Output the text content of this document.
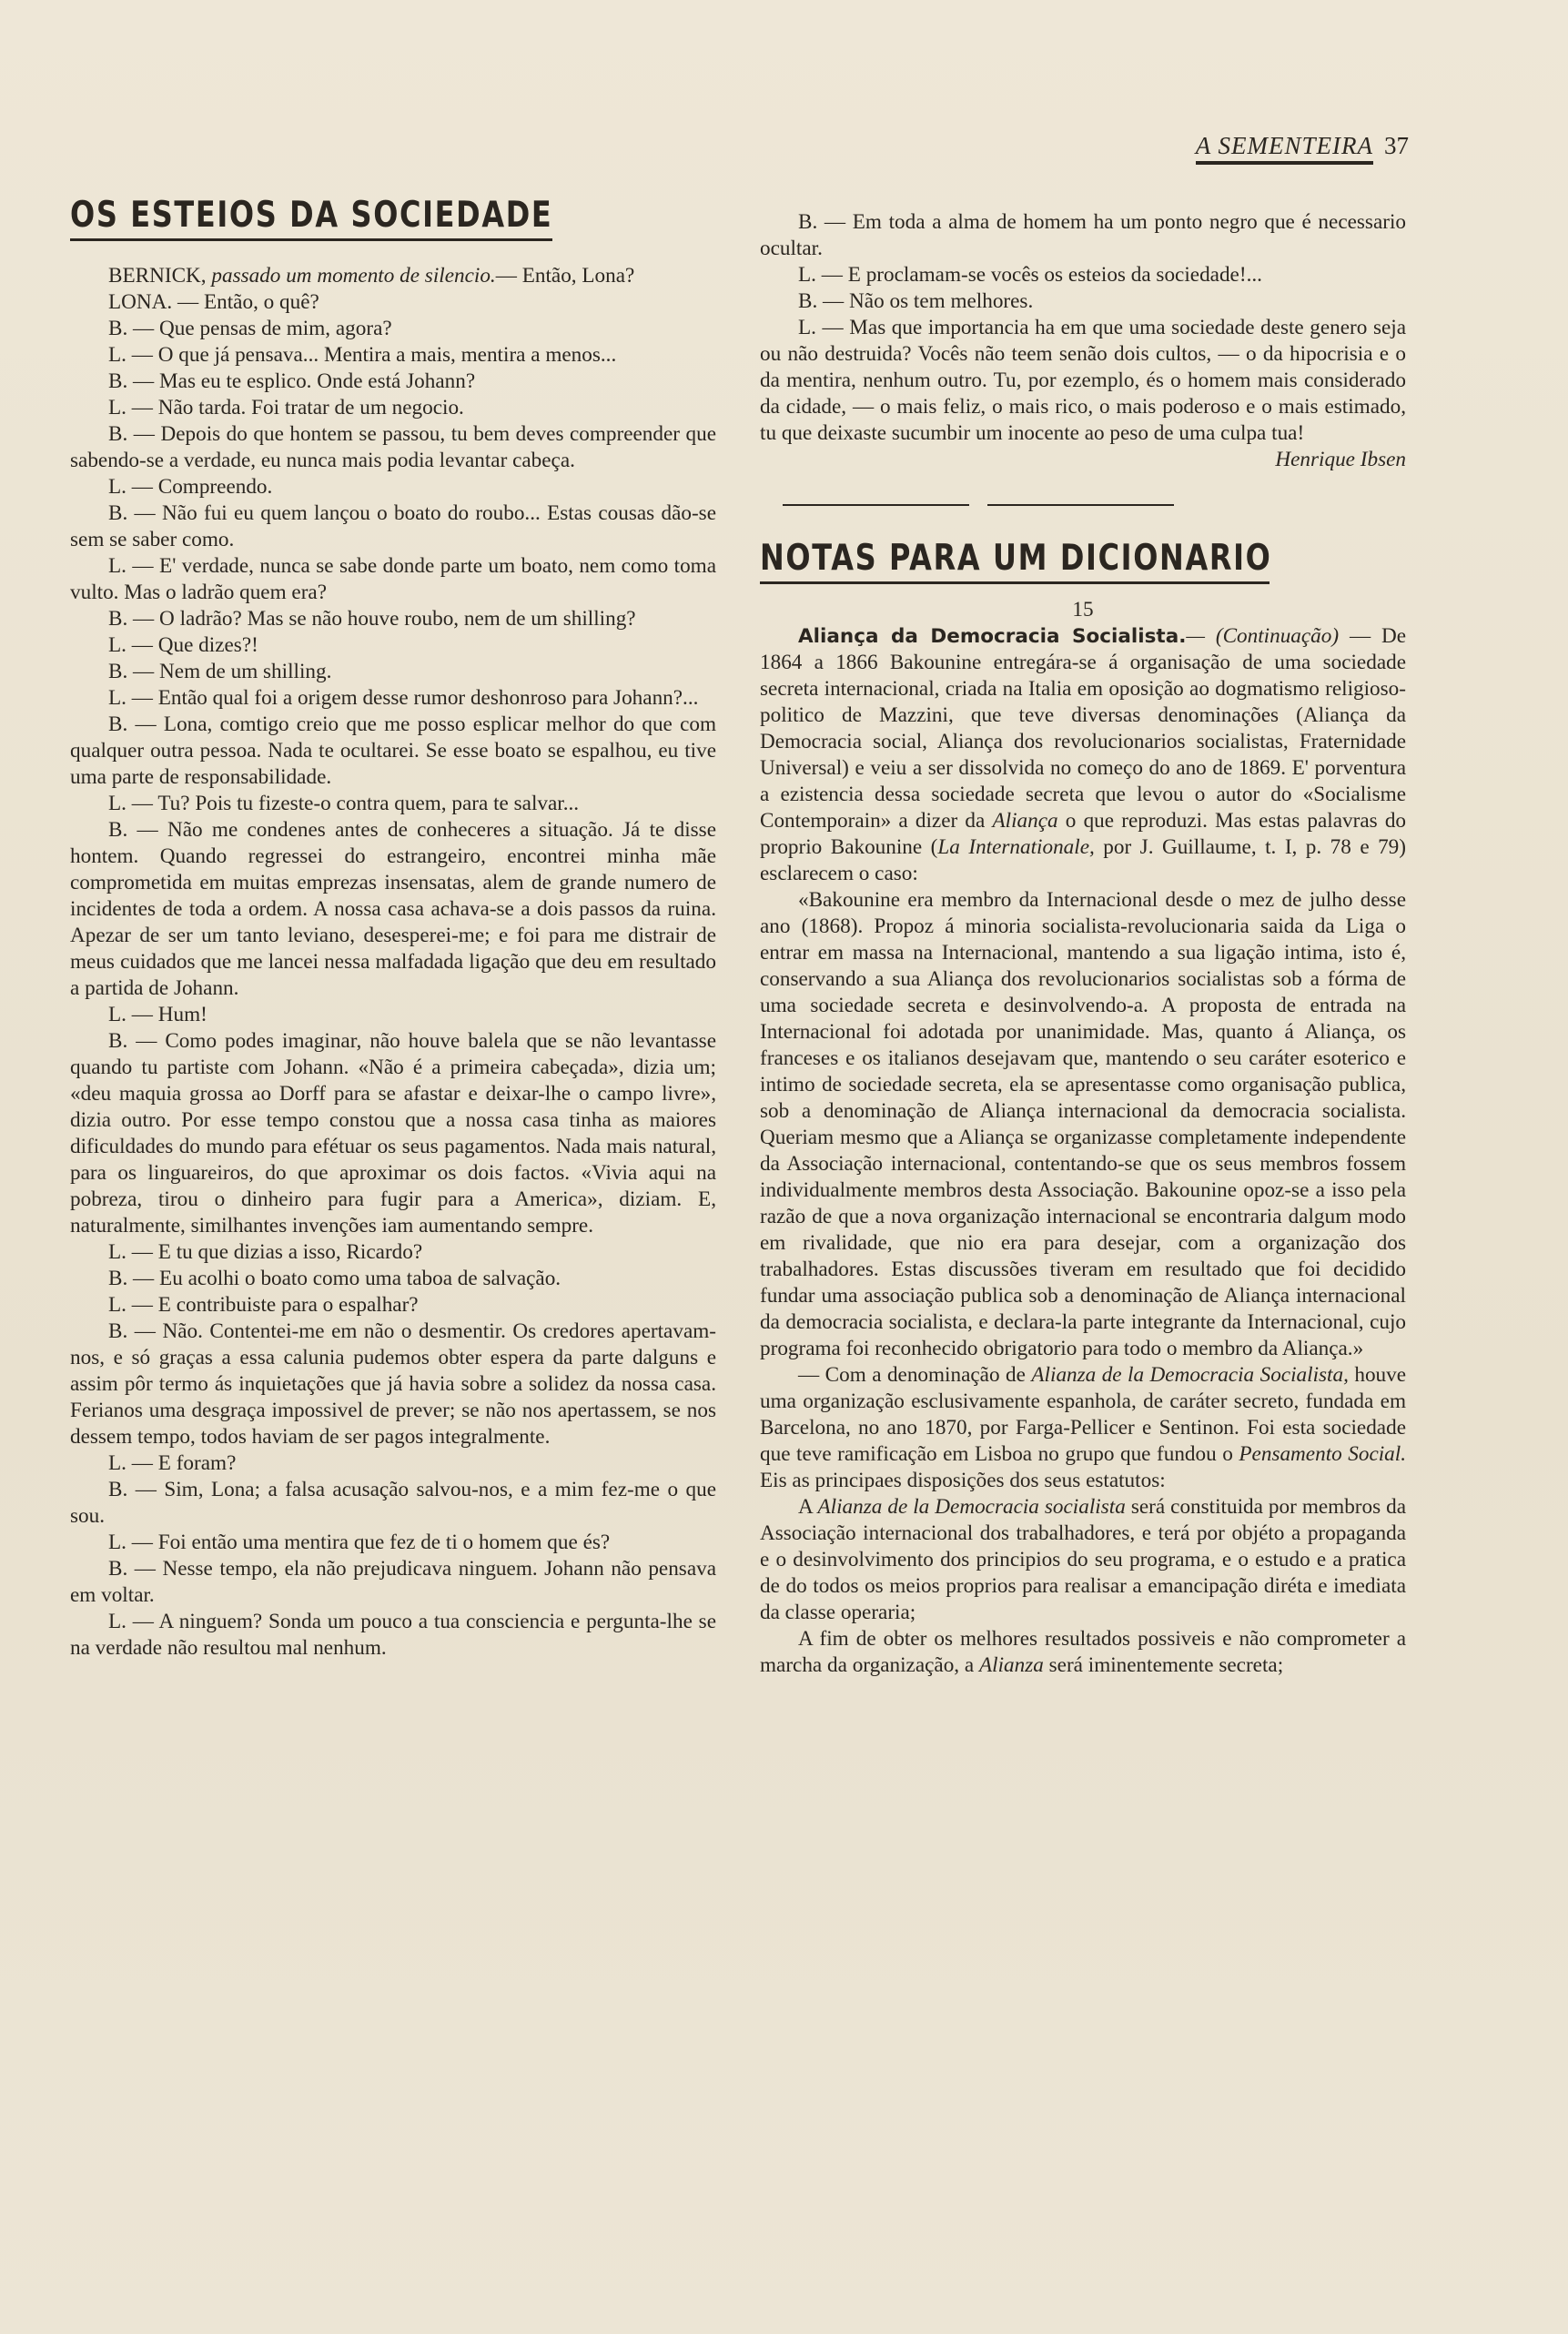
A SEMENTEIRA 37
OS ESTEIOS DA SOCIEDADE

BERNICK, passado um momento de silencio.— Então, Lona?

LONA. — Então, o quê?

B. — Que pensas de mim, agora?

L. — O que já pensava... Mentira a mais, mentira a menos...

B. — Mas eu te esplico. Onde está Johann?

L. — Não tarda. Foi tratar de um negocio.

B. — Depois do que hontem se passou, tu bem deves compreender que sabendo-se a verdade, eu nunca mais podia levantar cabeça.

L. — Compreendo.

B. — Não fui eu quem lançou o boato do roubo... Estas cousas dão-se sem se saber como.

L. — E' verdade, nunca se sabe donde parte um boato, nem como toma vulto. Mas o ladrão quem era?

B. — O ladrão? Mas se não houve roubo, nem de um shilling?

L. — Que dizes?!

B. — Nem de um shilling.

L. — Então qual foi a origem desse rumor deshonroso para Johann?...

B. — Lona, comtigo creio que me posso esplicar melhor do que com qualquer outra pessoa. Nada te ocultarei. Se esse boato se espalhou, eu tive uma parte de responsabilidade.

L. — Tu? Pois tu fizeste-o contra quem, para te salvar...

B. — Não me condenes antes de conheceres a situação. Já te disse hontem. Quando regressei do estrangeiro, encontrei minha mãe comprometida em muitas emprezas insensatas, alem de grande numero de incidentes de toda a ordem. A nossa casa achava-se a dois passos da ruina. Apezar de ser um tanto leviano, desesperei-me; e foi para me distrair de meus cuidados que me lancei nessa malfadada ligação que deu em resultado a partida de Johann.

L. — Hum!

B. — Como podes imaginar, não houve balela que se não levantasse quando tu partiste com Johann. «Não é a primeira cabeçada», dizia um; «deu maquia grossa ao Dorff para se afastar e deixar-lhe o campo livre», dizia outro. Por esse tempo constou que a nossa casa tinha as maiores dificuldades do mundo para efétuar os seus pagamentos. Nada mais natural, para os linguareiros, do que aproximar os dois factos. «Vivia aqui na pobreza, tirou o dinheiro para fugir para a America», diziam. E, naturalmente, similhantes invenções iam aumentando sempre.

L. — E tu que dizias a isso, Ricardo?

B. — Eu acolhi o boato como uma taboa de salvação.

L. — E contribuiste para o espalhar?

B. — Não. Contentei-me em não o desmentir. Os credores apertavam-nos, e só graças a essa calunia pudemos obter espera da parte dalguns e assim pôr termo ás inquietações que já havia sobre a solidez da nossa casa. Ferianos uma desgraça impossivel de prever; se não nos apertassem, se nos dessem tempo, todos haviam de ser pagos integralmente.

L. — E foram?

B. — Sim, Lona; a falsa acusação salvou-nos, e a mim fez-me o que sou.

L. — Foi então uma mentira que fez de ti o homem que és?

B. — Nesse tempo, ela não prejudicava ninguem. Johann não pensava em voltar.

L. — A ninguem? Sonda um pouco a tua consciencia e pergunta-lhe se na verdade não resultou mal nenhum.

B. — Em toda a alma de homem ha um ponto negro que é necessario ocultar.

L. — E proclamam-se vocês os esteios da sociedade!...

B. — Não os tem melhores.

L. — Mas que importancia ha em que uma sociedade deste genero seja ou não destruida? Vocês não teem senão dois cultos, — o da hipocrisia e o da mentira, nenhum outro. Tu, por ezemplo, és o homem mais considerado da cidade, — o mais feliz, o mais rico, o mais poderoso e o mais estimado, tu que deixaste sucumbir um inocente ao peso de uma culpa tua!

Henrique Ibsen

NOTAS PARA UM DICIONARIO

15

Aliança da Democracia Socialista.— (Continuação) — De 1864 a 1866 Bakounine entregára-se á organisação de uma sociedade secreta internacional, criada na Italia em oposição ao dogmatismo religioso-politico de Mazzini, que teve diversas denominações (Aliança da Democracia social, Aliança dos revolucionarios socialistas, Fraternidade Universal) e veiu a ser dissolvida no começo do ano de 1869. E' porventura a ezistencia dessa sociedade secreta que levou o autor do «Socialisme Contemporain» a dizer da Aliança o que reproduzi. Mas estas palavras do proprio Bakounine (La Internationale, por J. Guillaume, t. I, p. 78 e 79) esclarecem o caso:

«Bakounine era membro da Internacional desde o mez de julho desse ano (1868). Propoz á minoria socialista-revolucionaria saida da Liga o entrar em massa na Internacional, mantendo a sua ligação intima, isto é, conservando a sua Aliança dos revolucionarios socialistas sob a fórma de uma sociedade secreta e desinvolvendo-a. A proposta de entrada na Internacional foi adotada por unanimidade. Mas, quanto á Aliança, os franceses e os italianos desejavam que, mantendo o seu caráter esoterico e intimo de sociedade secreta, ela se apresentasse como organisação publica, sob a denominação de Aliança internacional da democracia socialista. Queriam mesmo que a Aliança se organizasse completamente independente da Associação internacional, contentando-se que os seus membros fossem individualmente membros desta Associação. Bakounine opoz-se a isso pela razão de que a nova organização internacional se encontraria dalgum modo em rivalidade, que nio era para desejar, com a organização dos trabalhadores. Estas discussões tiveram em resultado que foi decidido fundar uma associação publica sob a denominação de Aliança internacional da democracia socialista, e declara-la parte integrante da Internacional, cujo programa foi reconhecido obrigatorio para todo o membro da Aliança.»

— Com a denominação de Alianza de la Democracia Socialista, houve uma organização esclusivamente espanhola, de caráter secreto, fundada em Barcelona, no ano 1870, por Farga-Pellicer e Sentinon. Foi esta sociedade que teve ramificação em Lisboa no grupo que fundou o Pensamento Social. Eis as principaes disposições dos seus estatutos:

A Alianza de la Democracia socialista será constituida por membros da Associação internacional dos trabalhadores, e terá por objéto a propaganda e o desinvolvimento dos principios do seu programa, e o estudo e a pratica de do todos os meios proprios para realisar a emancipação diréta e imediata da classe operaria;

A fim de obter os melhores resultados possiveis e não comprometer a marcha da organização, a Alianza será iminentemente secreta;
